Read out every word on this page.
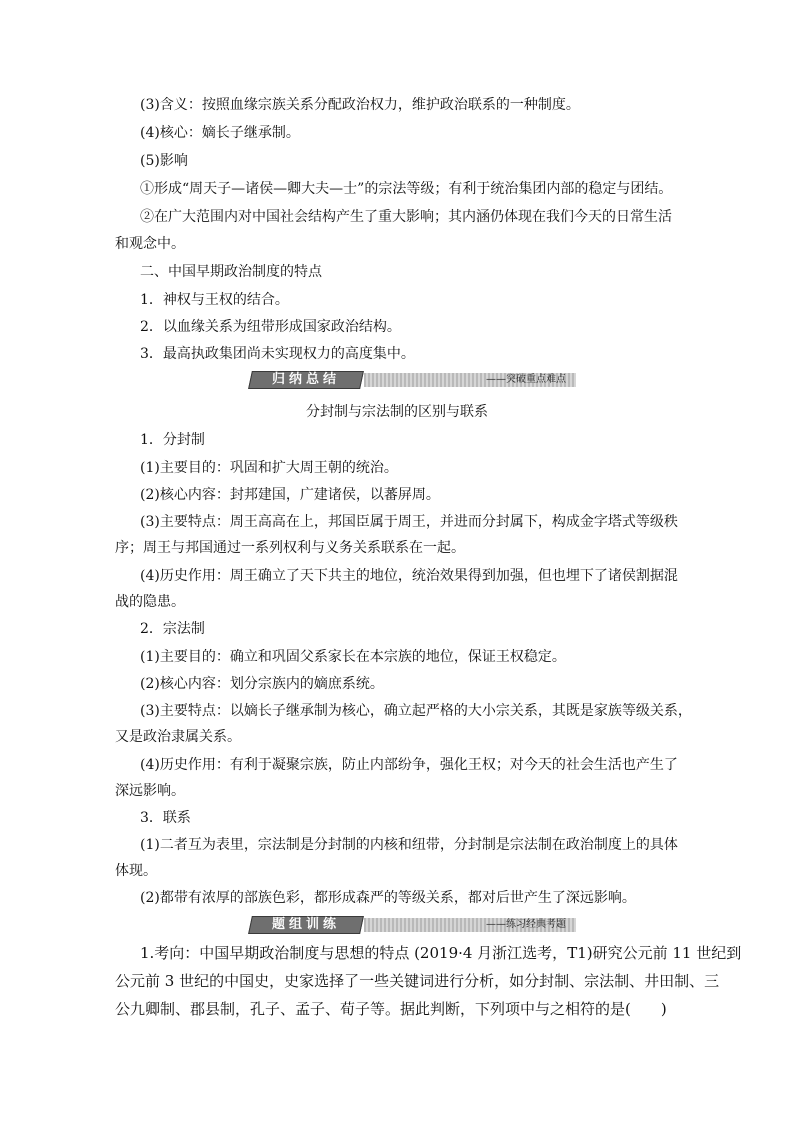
(3)含义：按照血缘宗族关系分配政治权力，维护政治联系的一种制度。
(4)核心：嫡长子继承制。
(5)影响
①形成“周天子—诸侯—卿大夫—士”的宗法等级；有利于统治集团内部的稳定与团结。
②在广大范围内对中国社会结构产生了重大影响；其内涵仍体现在我们今天的日常生活
和观念中。
二、中国早期政治制度的特点
1．神权与王权的结合。
2．以血缘关系为纽带形成国家政治结构。
3．最高执政集团尚未实现权力的高度集中。
归纳总结	——突破重点难点
分封制与宗法制的区别与联系
1．分封制
(1)主要目的：巩固和扩大周王朝的统治。
(2)核心内容：封邦建国，广建诸侯，以蕃屏周。
(3)主要特点：周王高高在上，邦国臣属于周王，并进而分封属下，构成金字塔式等级秩
序；周王与邦国通过一系列权利与义务关系联系在一起。
(4)历史作用：周王确立了天下共主的地位，统治效果得到加强，但也埋下了诸侯割据混
战的隐患。
2．宗法制
(1)主要目的：确立和巩固父系家长在本宗族的地位，保证王权稳定。
(2)核心内容：划分宗族内的嫡庶系统。
(3)主要特点：以嫡长子继承制为核心，确立起严格的大小宗关系，其既是家族等级关系，
又是政治隶属关系。
(4)历史作用：有利于凝聚宗族，防止内部纷争，强化王权；对今天的社会生活也产生了
深远影响。
3．联系
(1)二者互为表里，宗法制是分封制的内核和纽带，分封制是宗法制在政治制度上的具体
体现。
(2)都带有浓厚的部族色彩，都形成森严的等级关系，都对后世产生了深远影响。
题组训练	——练习经典考题
1.考向：中国早期政治制度与思想的特点 (2019·4 月浙江选考，T1)研究公元前 11 世纪到
公元前 3 世纪的中国史，史家选择了一些关键词进行分析，如分封制、宗法制、井田制、三
公九卿制、郡县制，孔子、孟子、荀子等。据此判断，下列项中与之相符的是(　　)
